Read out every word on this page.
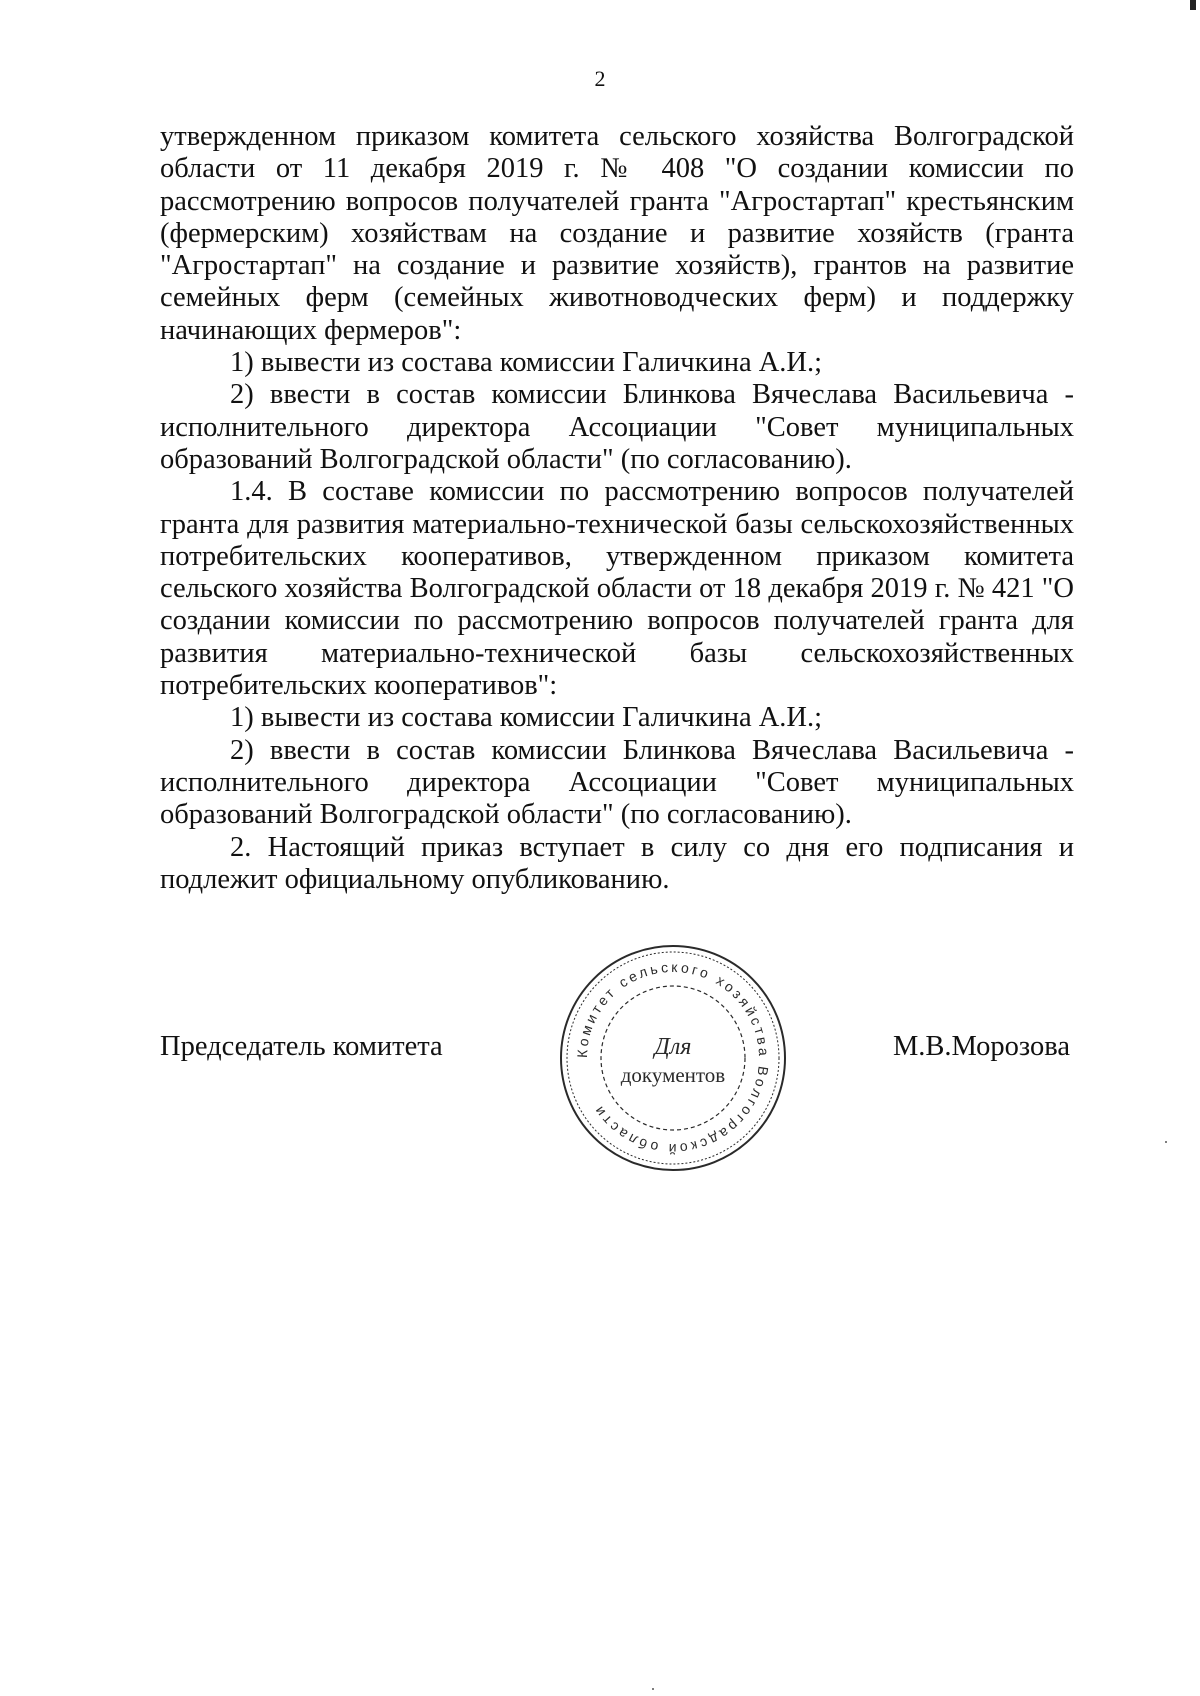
2

утвержденном приказом комитета сельского хозяйства Волгоградской области от 11 декабря 2019 г. № 408 "О создании комиссии по рассмотрению вопросов получателей гранта "Агростартап" крестьянским (фермерским) хозяйствам на создание и развитие хозяйств (гранта "Агростартап" на создание и развитие хозяйств), грантов на развитие семейных ферм (семейных животноводческих ферм) и поддержку начинающих фермеров":

1) вывести из состава комиссии Галичкина А.И.;

2) ввести в состав комиссии Блинкова Вячеслава Васильевича - исполнительного директора Ассоциации "Совет муниципальных образований Волгоградской области" (по согласованию).

1.4. В составе комиссии по рассмотрению вопросов получателей гранта для развития материально-технической базы сельскохозяйственных потребительских кооперативов, утвержденном приказом комитета сельского хозяйства Волгоградской области от 18 декабря 2019 г. № 421 "О создании комиссии по рассмотрению вопросов получателей гранта для развития материально-технической базы сельскохозяйственных потребительских кооперативов":

1) вывести из состава комиссии Галичкина А.И.;

2) ввести в состав комиссии Блинкова Вячеслава Васильевича - исполнительного директора Ассоциации "Совет муниципальных образований Волгоградской области" (по согласованию).

2. Настоящий приказ вступает в силу со дня его подписания и подлежит официальному опубликованию.

Председатель комитета	М.В.Морозова
Комитет сельского хозяйства Волгоградской области
Для
документов
